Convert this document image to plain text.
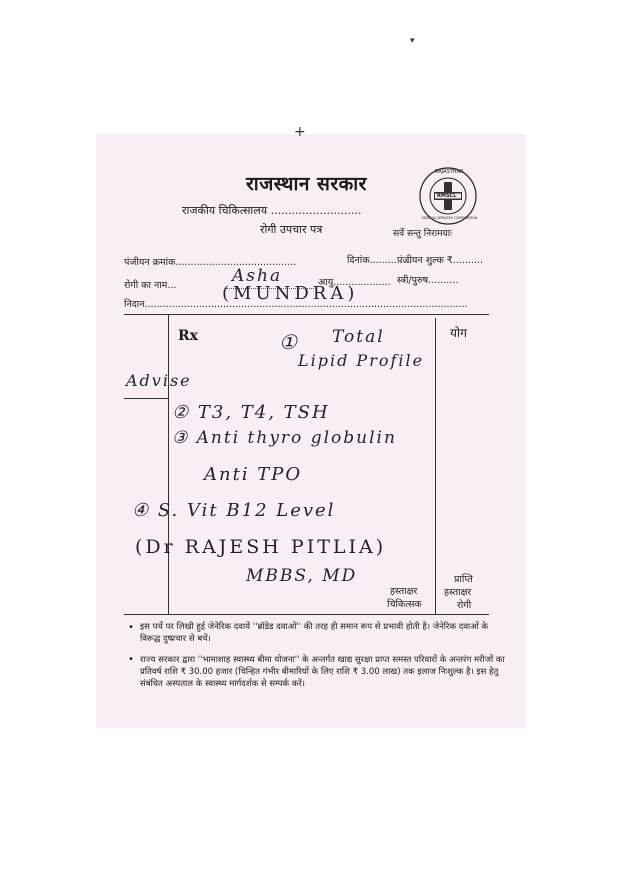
+
▾
राजस्थान सरकार
राजकीय चिकित्सालय ..........................
रोगी उपचार पत्र	सर्वे सन्तु निरामयाः
RAJASTHAN
RMSCL
MEDICAL SERVICES CORPORATION
पंजीयन क्रमांक........................................	दिनांक..............
पंजीयन शुल्क ₹..........
रोगी का नाम...	आयु................... स्त्री/पुरुष..........
निदान...........................................................................................................
Asha
(MUNDRA)
Rx	योग
① Total
Lipid Profile
Advise
② T3, T4, TSH
③ Anti thyro globulin
Anti TPO
④ S. Vit B12 Level
(Dr RAJESH PITLIA)
MBBS, MD
हस्ताक्षर
चिकित्सक
प्राप्ति
हस्ताक्षर
रोगी
• इस पर्चे पर लिखी हुई जेनेरिक दवायें ''ब्रॉडेड दवाओं'' की तरह ही समान रूप से प्रभावी होती है। जेनेरिक दवाओं के विरूद्ध दुष्प्रचार से बचें।
• राज्य सरकार द्वारा ''भामाशाह स्वास्थ्य बीमा योजना'' के अन्तर्गत खाद्य सुरक्षा प्राप्त समस्त परिवारों के अन्तरंग मरीजों का प्रतिवर्ष राशि ₹ 30.00 हजार (चिन्हित गंभीर बीमारियों के लिए राशि ₹ 3.00 लाख) तक इलाज निःशुल्क है। इस हेतु संबंधित अस्पताल के स्वास्थ्य मार्गदर्शक से सम्पर्क करें।
